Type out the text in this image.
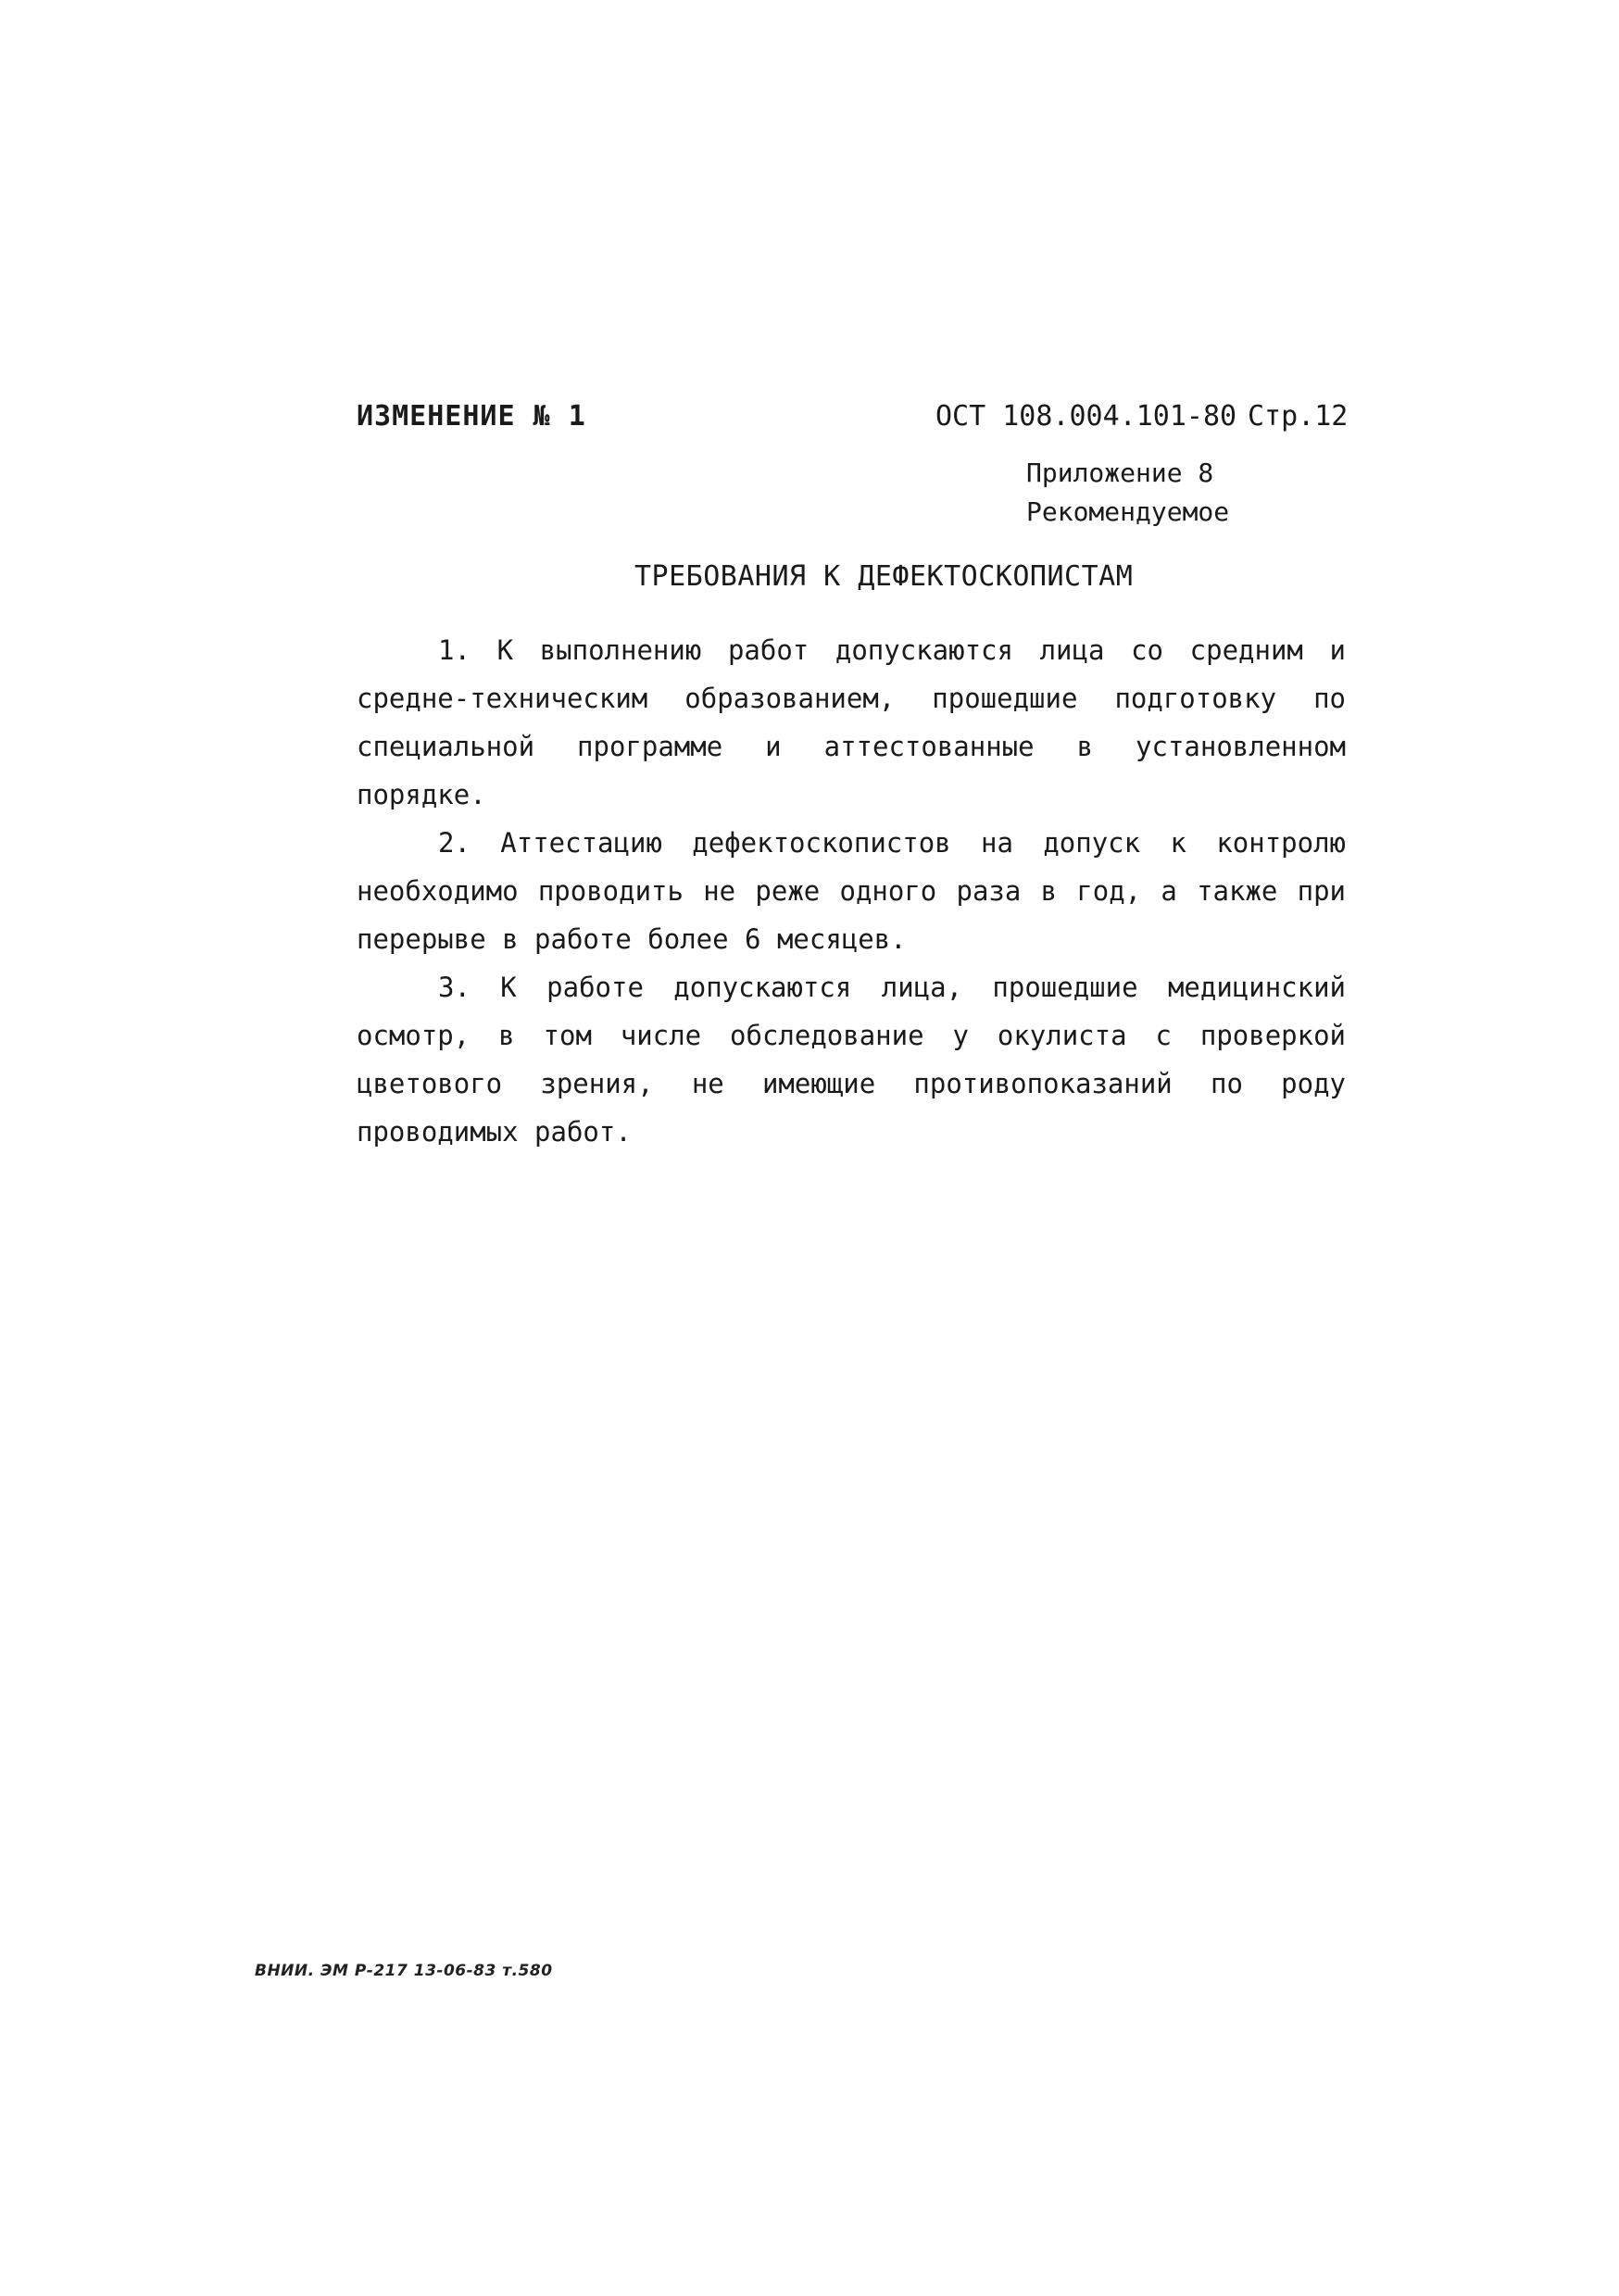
ИЗМЕНЕНИЕ № 1	ОСТ 108.004.101-80 Стр.12
Приложение 8
Рекомендуемое
ТРЕБОВАНИЯ К ДЕФЕКТОСКОПИСТАМ

1. К выполнению работ допускаются лица со средним и средне-техническим образованием, прошедшие подготовку по специальной программе и аттестованные в установленном порядке.

2. Аттестацию дефектоскопистов на допуск к контролю необходимо проводить не реже одного раза в год, а также при перерыве в работе более 6 месяцев.

3. К работе допускаются лица, прошедшие медицинский осмотр, в том числе обследование у окулиста с проверкой цветового зрения, не имеющие противопоказаний по роду проводимых работ.

ВНИИ. ЭМ Р-217 13-06-83 т.580
